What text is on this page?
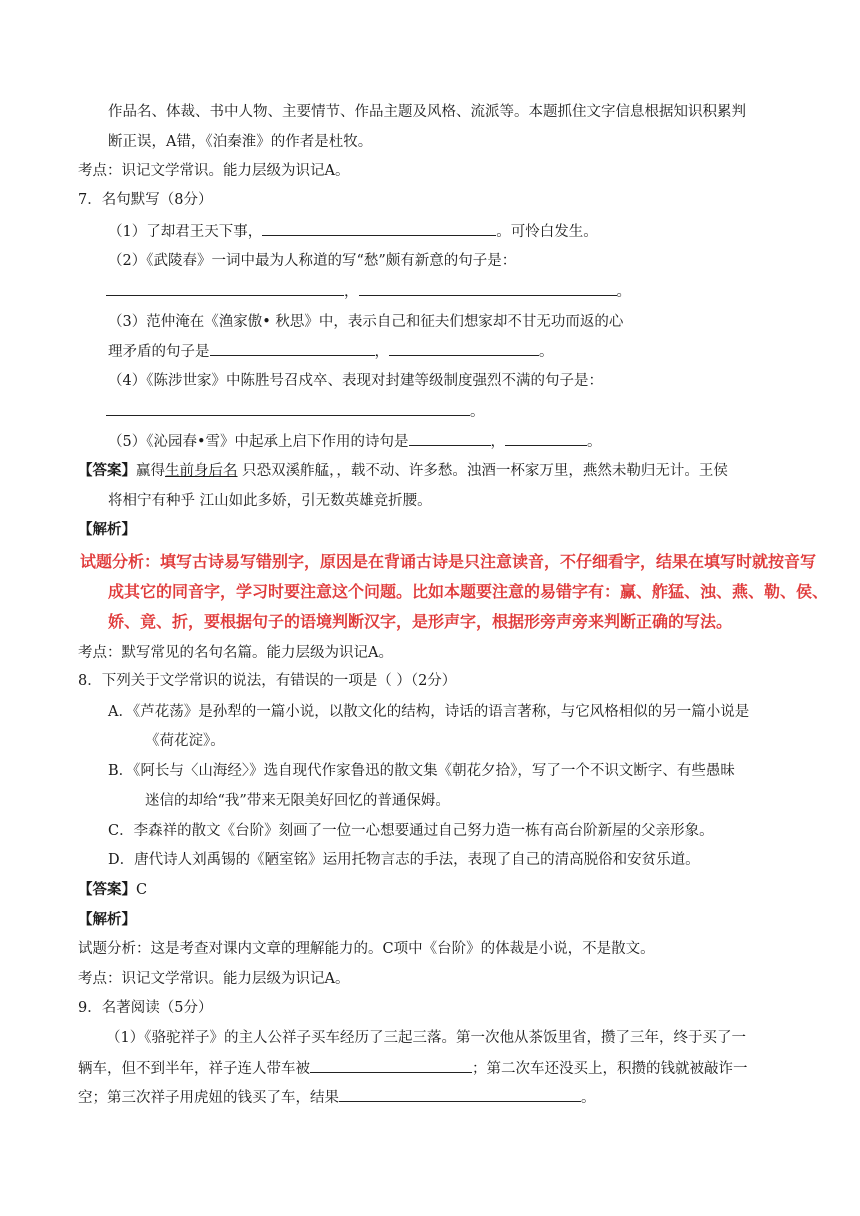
作品名、体裁、书中人物、主要情节、作品主题及风格、流派等。本题抓住文字信息根据知识积累判
断正误，A错，《泊秦淮》的作者是杜牧。
考点：识记文学常识。能力层级为识记A。
7．名句默写（8分）
（1）了却君王天下事，	。可怜白发生。
（2）《武陵春》一词中最为人称道的写“愁”颇有新意的句子是：
，	。
（3）范仲淹在《渔家傲• 秋思》中，表示自己和征夫们想家却不甘无功而返的心
理矛盾的句子是	，	。
（4）《陈涉世家》中陈胜号召戍卒、表现对封建等级制度强烈不满的句子是：
。
（5）《沁园春•雪》中起承上启下作用的诗句是	，	。
【答案】赢得生前身后名 只恐双溪舴艋，，载不动、许多愁。浊酒一杯家万里，燕然未勒归无计。王侯
将相宁有种乎 江山如此多娇，引无数英雄竞折腰。
【解析】
试题分析：填写古诗易写错别字，原因是在背诵古诗是只注意读音，不仔细看字，结果在填写时就按音写
成其它的同音字，学习时要注意这个问题。比如本题要注意的易错字有：赢、舴猛、浊、燕、勒、侯、
娇、竟、折，要根据句子的语境判断汉字，是形声字，根据形旁声旁来判断正确的写法。
考点：默写常见的名句名篇。能力层级为识记A。
8．下列关于文学常识的说法，有错误的一项是（ ）（2分）
A．《芦花荡》是孙犁的一篇小说，以散文化的结构，诗话的语言著称，与它风格相似的另一篇小说是
《荷花淀》。
B．《阿长与〈山海经〉》选自现代作家鲁迅的散文集《朝花夕拾》，写了一个不识文断字、有些愚昧
迷信的却给“我”带来无限美好回忆的普通保姆。
C．李森祥的散文《台阶》刻画了一位一心想要通过自己努力造一栋有高台阶新屋的父亲形象。
D．唐代诗人刘禹锡的《陋室铭》运用托物言志的手法，表现了自己的清高脱俗和安贫乐道。
【答案】C
【解析】
试题分析：这是考查对课内文章的理解能力的。C项中《台阶》的体裁是小说，不是散文。
考点：识记文学常识。能力层级为识记A。
9．名著阅读（5分）
（1）《骆驼祥子》的主人公祥子买车经历了三起三落。第一次他从茶饭里省，攒了三年，终于买了一
辆车，但不到半年，祥子连人带车被	；第二次车还没买上，积攒的钱就被敲诈一
空；第三次祥子用虎妞的钱买了车，结果	。
